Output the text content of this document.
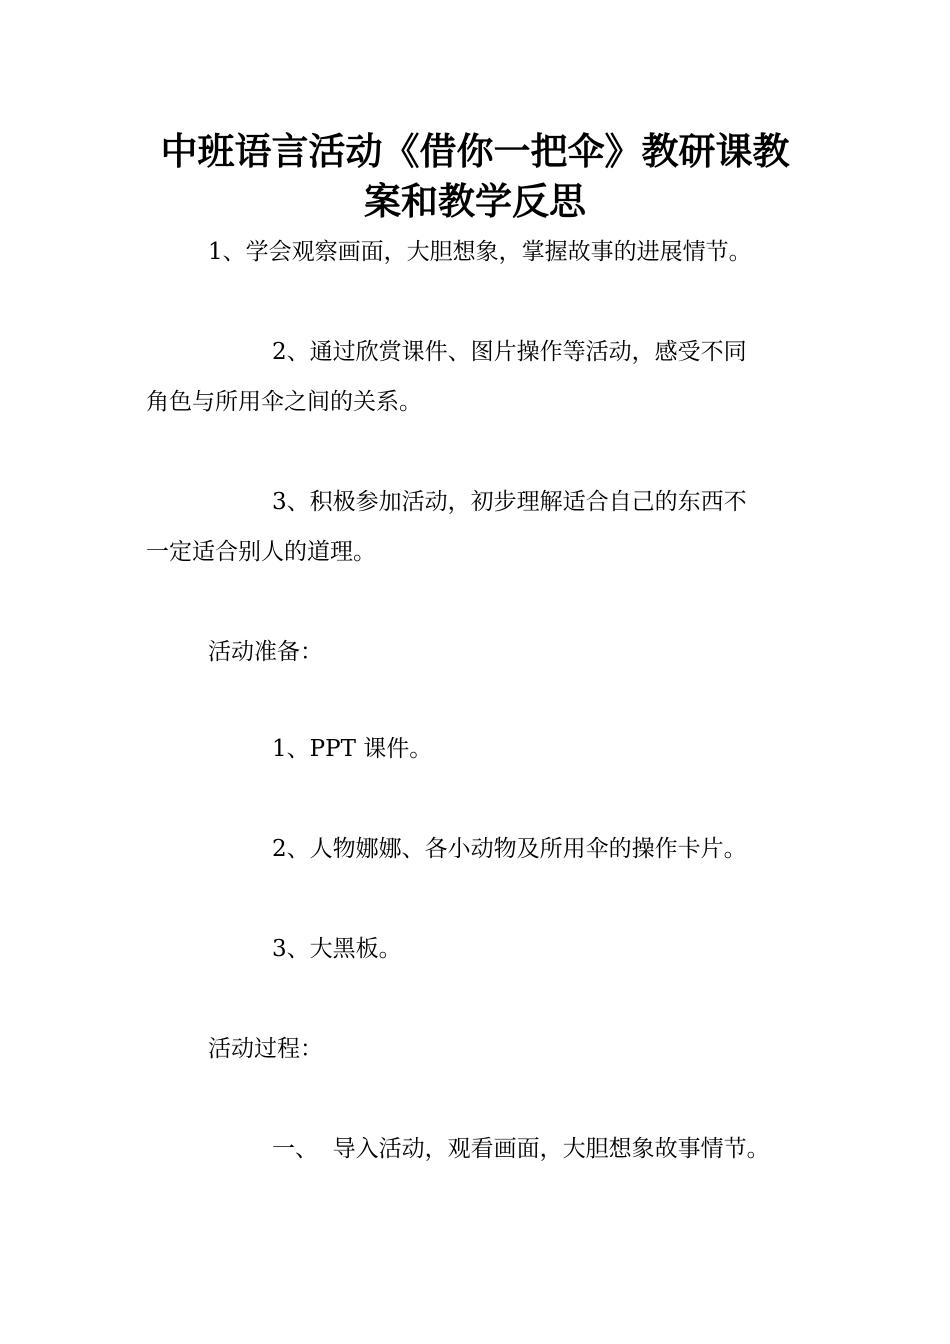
中班语言活动《借你一把伞》教研课教
案和教学反思

1、学会观察画面，大胆想象，掌握故事的进展情节。

2、通过欣赏课件、图片操作等活动，感受不同

角色与所用伞之间的关系。

3、积极参加活动，初步理解适合自己的东西不

一定适合别人的道理。

活动准备：

1、PPT 课件。

2、人物娜娜、各小动物及所用伞的操作卡片。

3、大黑板。

活动过程：

一、  导入活动，观看画面，大胆想象故事情节。
